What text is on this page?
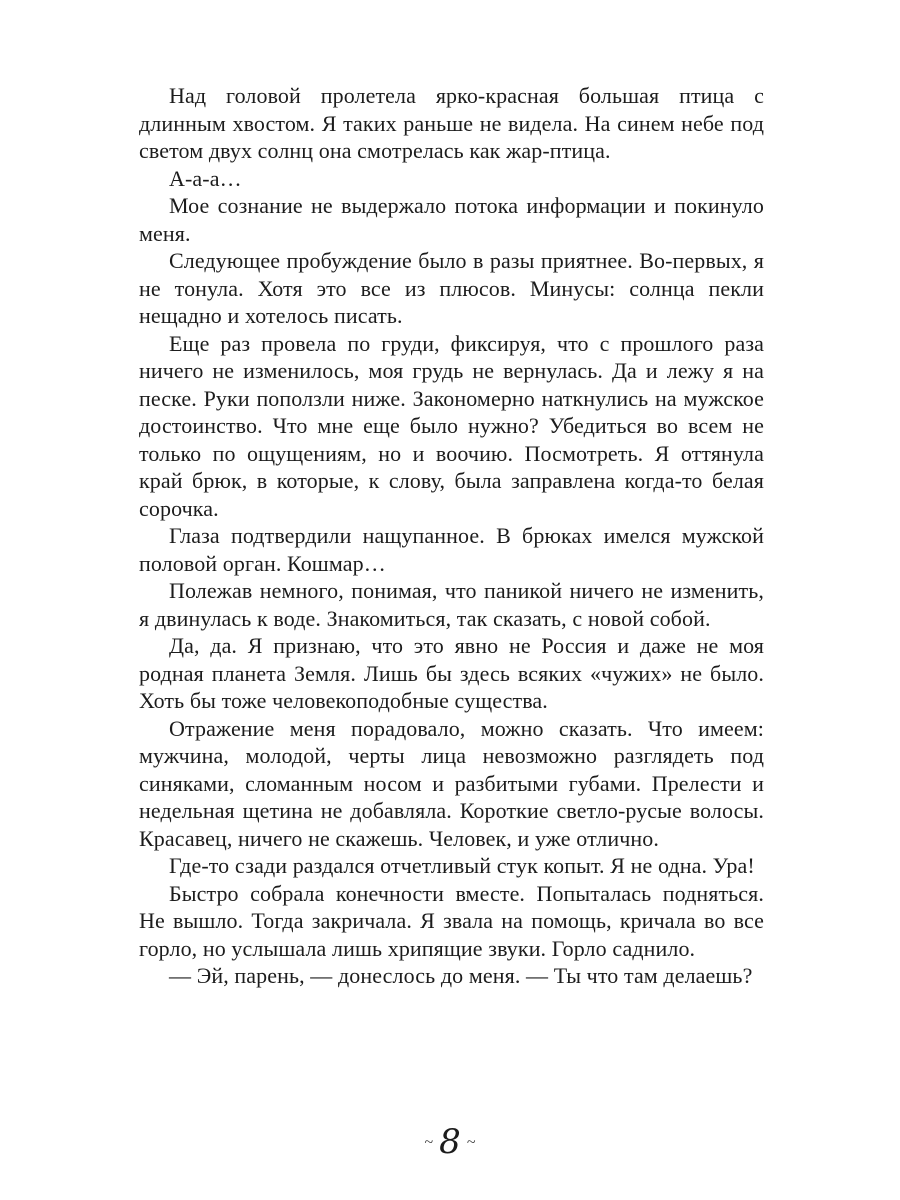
Над головой пролетела ярко-красная большая птица с длинным хвостом. Я таких раньше не видела. На синем небе под светом двух солнц она смотрелась как жар-птица.

А-а-а…

Мое сознание не выдержало потока информации и покинуло меня.

Следующее пробуждение было в разы приятнее. Во-первых, я не тонула. Хотя это все из плюсов. Минусы: солнца пекли нещадно и хотелось писать.

Еще раз провела по груди, фиксируя, что с прошлого раза ничего не изменилось, моя грудь не вернулась. Да и лежу я на песке. Руки поползли ниже. Закономерно наткнулись на мужское достоинство. Что мне еще было нужно? Убедиться во всем не только по ощущениям, но и воочию. Посмотреть. Я оттянула край брюк, в которые, к слову, была заправлена когда-то белая сорочка.

Глаза подтвердили нащупанное. В брюках имелся мужской половой орган. Кошмар…

Полежав немного, понимая, что паникой ничего не изменить, я двинулась к воде. Знакомиться, так сказать, с новой собой.

Да, да. Я признаю, что это явно не Россия и даже не моя родная планета Земля. Лишь бы здесь всяких «чужих» не было. Хоть бы тоже человекоподобные существа.

Отражение меня порадовало, можно сказать. Что имеем: мужчина, молодой, черты лица невозможно разглядеть под синяками, сломанным носом и разбитыми губами. Прелести и недельная щетина не добавляла. Короткие светло-русые волосы. Красавец, ничего не скажешь. Человек, и уже отлично.

Где-то сзади раздался отчетливый стук копыт. Я не одна. Ура!

Быстро собрала конечности вместе. Попыталась подняться. Не вышло. Тогда закричала. Я звала на помощь, кричала во все горло, но услышала лишь хрипящие звуки. Горло саднило.

— Эй, парень, — донеслось до меня. — Ты что там делаешь?

~ 8 ~
